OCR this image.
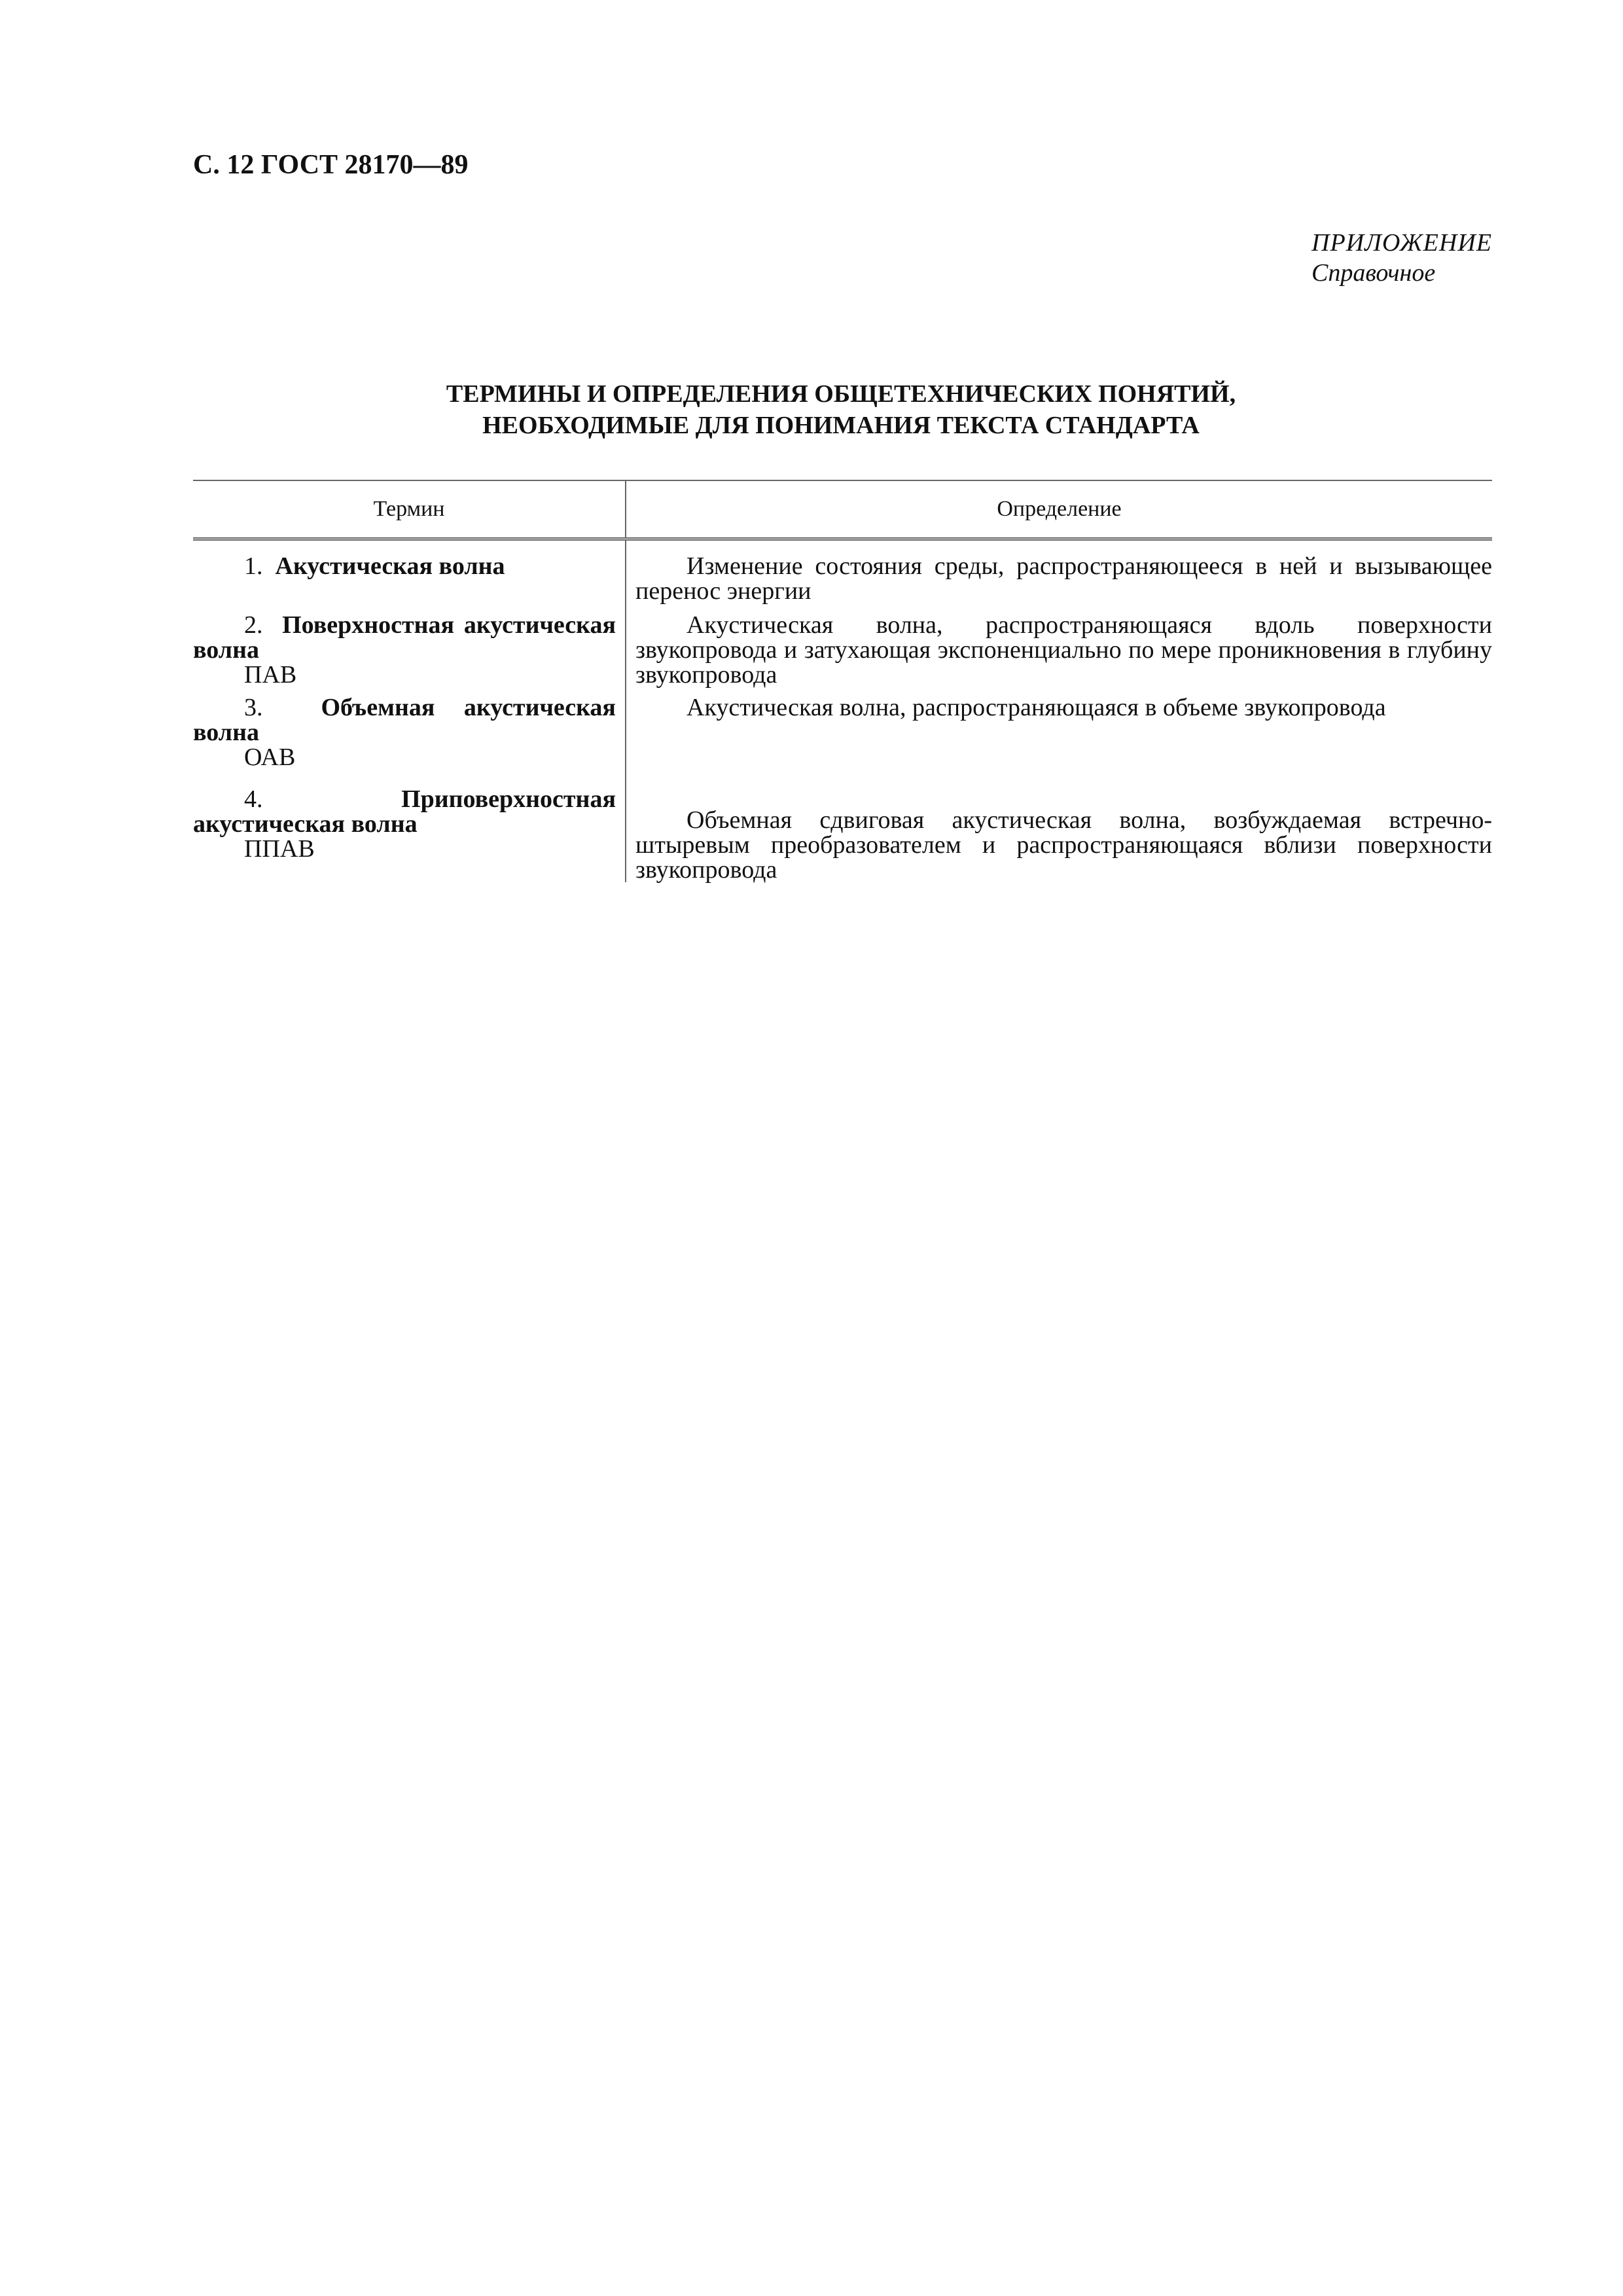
С. 12 ГОСТ 28170—89
ПРИЛОЖЕНИЕ
Справочное
ТЕРМИНЫ И ОПРЕДЕЛЕНИЯ ОБЩЕТЕХНИЧЕСКИХ ПОНЯТИЙ,
НЕОБХОДИМЫЕ ДЛЯ ПОНИМАНИЯ ТЕКСТА СТАНДАРТА
Термин	Определение

1. Акустическая волна	Изменение состояния среды, распространяющееся в ней и вызывающее перенос энергии

2. Поверхностная акустическая волна
ПАВ	Акустическая волна, распространяющаяся вдоль поверхности звукопровода и затухающая экспоненциально по мере проникновения в глубину звукопровода

3. Объемная акустическая волна
ОАВ	Акустическая волна, распространяющаяся в объеме звукопровода

4. Приповерхностная акустическая волна
ППАВ	Объемная сдвиговая акустическая волна, возбуждаемая встречно-штыревым преобразователем и распространяющаяся вблизи поверхности звукопровода
